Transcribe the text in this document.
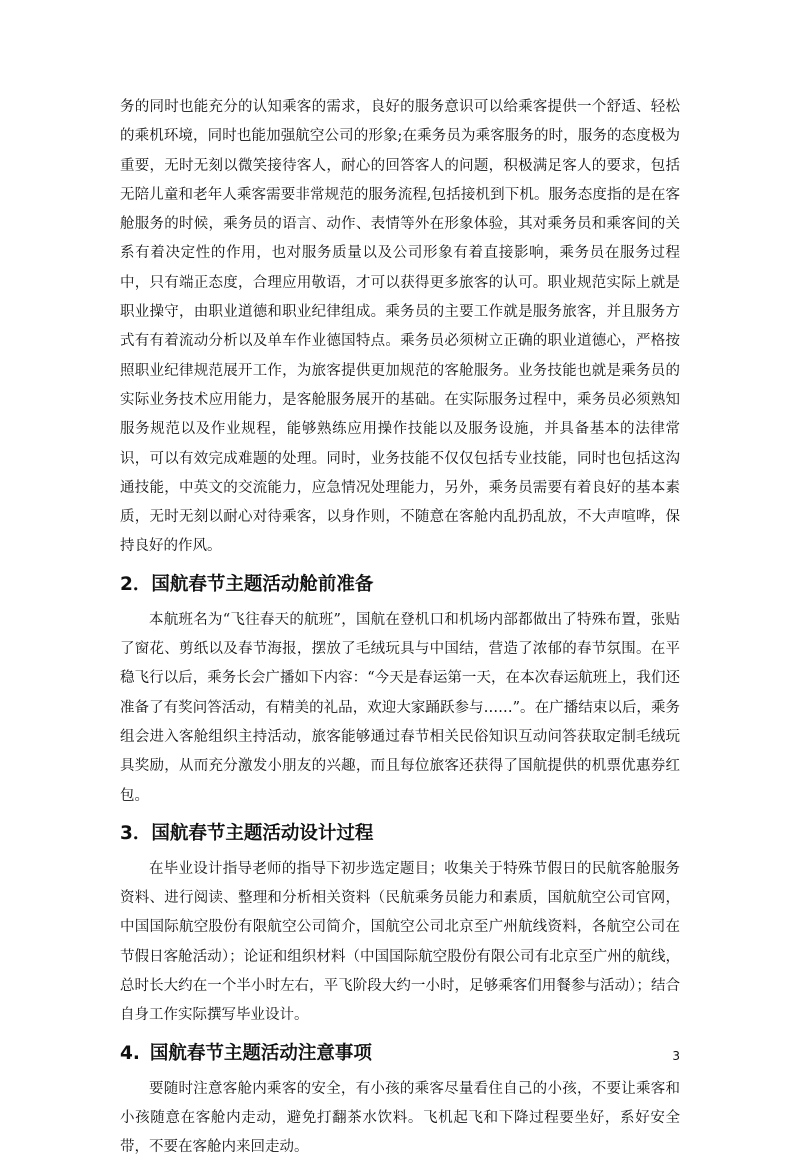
务的同时也能充分的认知乘客的需求，良好的服务意识可以给乘客提供一个舒适、轻松的乘机环境，同时也能加强航空公司的形象;在乘务员为乘客服务的时，服务的态度极为重要，无时无刻以微笑接待客人，耐心的回答客人的问题，积极满足客人的要求，包括无陪儿童和老年人乘客需要非常规范的服务流程,包括接机到下机。服务态度指的是在客舱服务的时候，乘务员的语言、动作、表情等外在形象体验，其对乘务员和乘客间的关系有着决定性的作用，也对服务质量以及公司形象有着直接影响，乘务员在服务过程中，只有端正态度，合理应用敬语，才可以获得更多旅客的认可。职业规范实际上就是职业操守，由职业道德和职业纪律组成。乘务员的主要工作就是服务旅客，并且服务方式有有着流动分析以及单车作业德国特点。乘务员必须树立正确的职业道德心，严格按照职业纪律规范展开工作，为旅客提供更加规范的客舱服务。业务技能也就是乘务员的实际业务技术应用能力，是客舱服务展开的基础。在实际服务过程中，乘务员必须熟知服务规范以及作业规程，能够熟练应用操作技能以及服务设施，并具备基本的法律常识，可以有效完成难题的处理。同时，业务技能不仅仅包括专业技能，同时也包括这沟通技能，中英文的交流能力，应急情况处理能力，另外，乘务员需要有着良好的基本素质，无时无刻以耐心对待乘客，以身作则，不随意在客舱内乱扔乱放，不大声喧哗，保持良好的作风。

2．国航春节主题活动舱前准备

本航班名为“飞往春天的航班”，国航在登机口和机场内部都做出了特殊布置，张贴了窗花、剪纸以及春节海报，摆放了毛绒玩具与中国结，营造了浓郁的春节氛围。在平稳飞行以后，乘务长会广播如下内容：“今天是春运第一天，在本次春运航班上，我们还准备了有奖问答活动，有精美的礼品，欢迎大家踊跃参与……”。在广播结束以后，乘务组会进入客舱组织主持活动，旅客能够通过春节相关民俗知识互动问答获取定制毛绒玩具奖励，从而充分激发小朋友的兴趣，而且每位旅客还获得了国航提供的机票优惠券红包。

3．国航春节主题活动设计过程

在毕业设计指导老师的指导下初步选定题目；收集关于特殊节假日的民航客舱服务资料、进行阅读、整理和分析相关资料（民航乘务员能力和素质，国航航空公司官网，中国国际航空股份有限航空公司简介，国航空公司北京至广州航线资料，各航空公司在节假日客舱活动）；论证和组织材料（中国国际航空股份有限公司有北京至广州的航线，总时长大约在一个半小时左右，平飞阶段大约一小时，足够乘客们用餐参与活动）；结合自身工作实际撰写毕业设计。

4. 国航春节主题活动注意事项

要随时注意客舱内乘客的安全，有小孩的乘客尽量看住自己的小孩，不要让乘客和小孩随意在客舱内走动，避免打翻茶水饮料。飞机起飞和下降过程要坐好，系好安全带，不要在客舱内来回走动。

3
